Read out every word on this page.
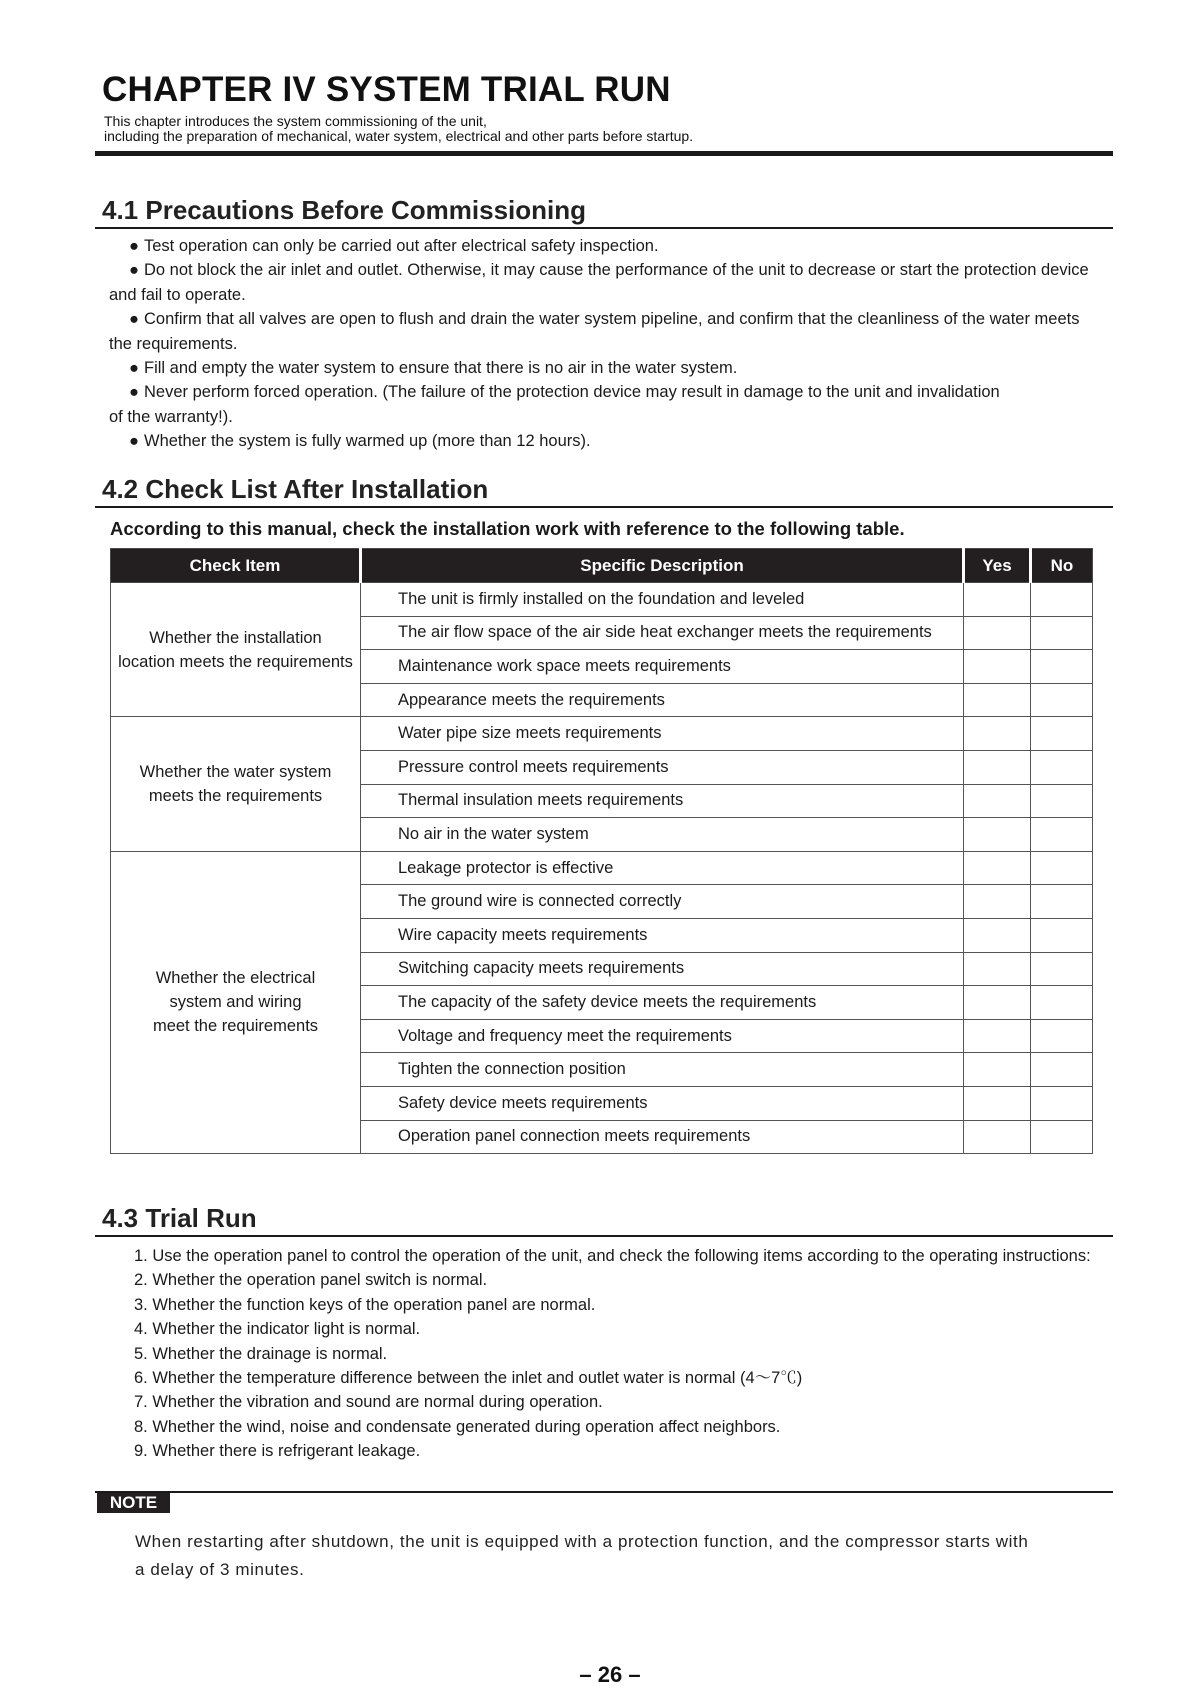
CHAPTER IV SYSTEM TRIAL RUN
This chapter introduces the system commissioning of the unit,
including the preparation of mechanical, water system, electrical and other parts before startup.
4.1 Precautions Before Commissioning
● Test operation can only be carried out after electrical safety inspection.
● Do not block the air inlet and outlet. Otherwise, it may cause the performance of the unit to decrease or start the protection device
and fail to operate.
● Confirm that all valves are open to flush and drain the water system pipeline, and confirm that the cleanliness of the water meets
the requirements.
● Fill and empty the water system to ensure that there is no air in the water system.
● Never perform forced operation. (The failure of the protection device may result in damage to the unit and invalidation
of the warranty!).
● Whether the system is fully warmed up (more than 12 hours).
4.2 Check List After Installation
According to this manual, check the installation work with reference to the following table.
Check Item	Specific Description	Yes	No

Whether the installation
location meets the requirements	The unit is firmly installed on the foundation and leveled		
	The air flow space of the air side heat exchanger meets the requirements		
	Maintenance work space meets requirements		
	Appearance meets the requirements		

Whether the water system
meets the requirements	Water pipe size meets requirements		
	Pressure control meets requirements		
	Thermal insulation meets requirements		
	No air in the water system		

Whether the electrical
system and wiring
meet the requirements	Leakage protector is effective		
	The ground wire is connected correctly		
	Wire capacity meets requirements		
	Switching capacity meets requirements		
	The capacity of the safety device meets the requirements		
	Voltage and frequency meet the requirements		
	Tighten the connection position		
	Safety device meets requirements		
	Operation panel connection meets requirements		
4.3 Trial Run
1. Use the operation panel to control the operation of the unit, and check the following items according to the operating instructions:
2. Whether the operation panel switch is normal.
3. Whether the function keys of the operation panel are normal.
4. Whether the indicator light is normal.
5. Whether the drainage is normal.
6. Whether the temperature difference between the inlet and outlet water is normal (4～7℃)
7. Whether the vibration and sound are normal during operation.
8. Whether the wind, noise and condensate generated during operation affect neighbors.
9. Whether there is refrigerant leakage.
NOTE
When restarting after shutdown, the unit is equipped with a protection function, and the compressor starts with
a delay of 3 minutes.
– 26 –
